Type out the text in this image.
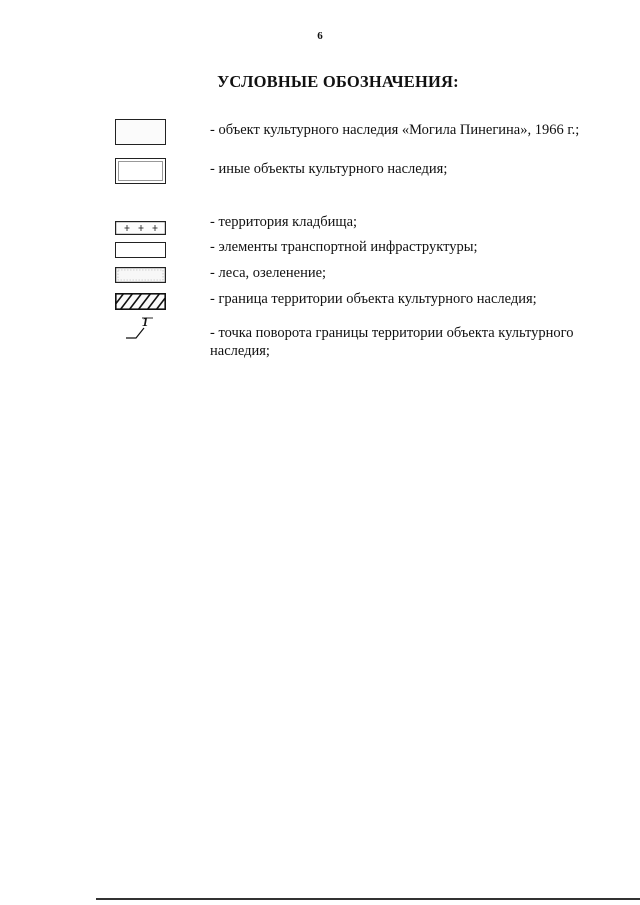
6
УСЛОВНЫЕ ОБОЗНАЧЕНИЯ:
- объект культурного наследия «Могила Пинегина», 1966 г.;
- иные объекты культурного наследия;
- территория кладбища;
- элементы транспортной инфраструктуры;
- леса, озеленение;
- граница территории объекта культурного наследия;
1
- точка поворота границы территории объекта культурного наследия;
